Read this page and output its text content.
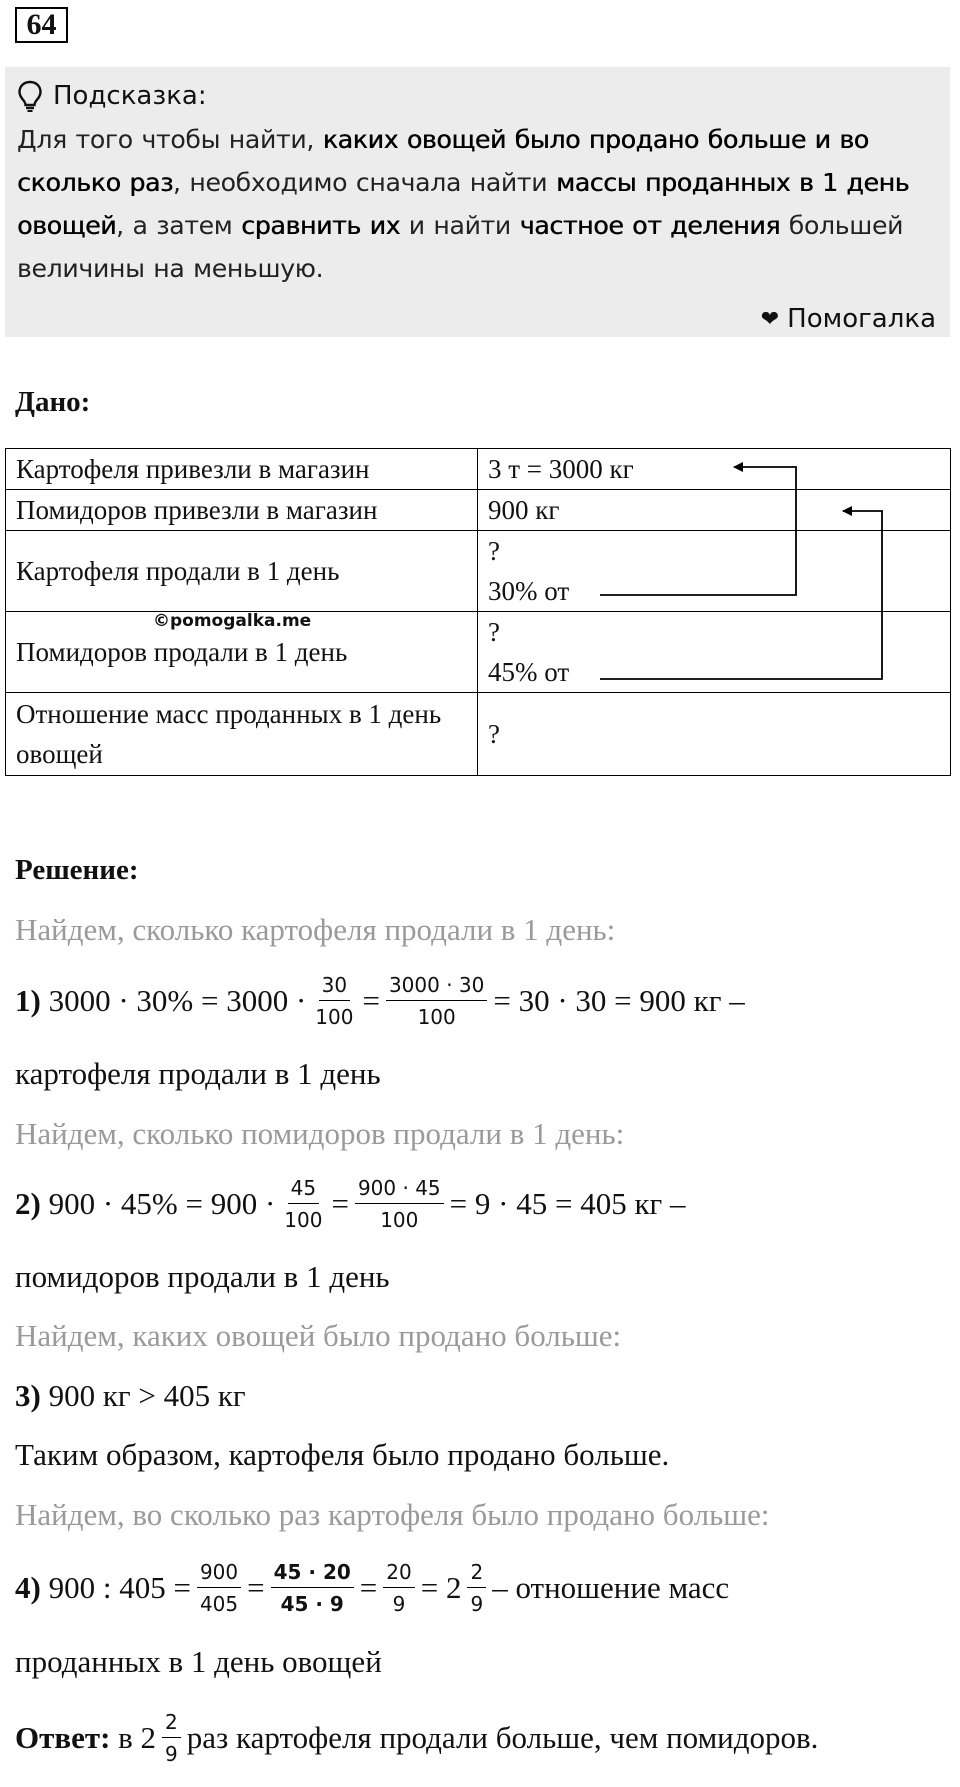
64
Подсказка:
Для того чтобы найти, каких овощей было продано больше и во сколько раз, необходимо сначала найти массы проданных в 1 день овощей, а затем сравнить их и найти частное от деления большей величины на меньшую.
❤ Помогалка
Дано:
Картофеля привезли в магазин	3 т = 3000 кг
Помидоров привезли в магазин	900 кг
Картофеля продали в 1 день	?
30% от

Помидоров продали в 1 день	?
45% от

Отношение масс проданных в 1 день овощей	?
©pomogalka.me
Решение:
Найдем, сколько картофеля продали в 1 день:
1)
$3000 \cdot 30\% = 3000 \cdot \frac{30}{100} = \frac{3000 \cdot 30}{100} = 30 \cdot 30 = 900$ кг –
картофеля продали в 1 день
Найдем, сколько помидоров продали в 1 день:
2)
$900 \cdot 45\% = 900 \cdot \frac{45}{100} = \frac{900 \cdot 45}{100} = 9 \cdot 45 = 405$ кг –
помидоров продали в 1 день
Найдем, каких овощей было продано больше:
3) 900 кг > 405 кг
Таким образом, картофеля было продано больше.
Найдем, во сколько раз картофеля было продано больше:
4)
900 : $405 = \frac{900}{405} = \frac{45 \cdot 20}{45 \cdot 9} = \frac{20}{9} = 2 \frac{2}{9}$ – отношение масс
проданных в 1 день овощей
Ответ:
в $2 \frac{2}{9}$ раз картофеля продали больше, чем помидоров.
